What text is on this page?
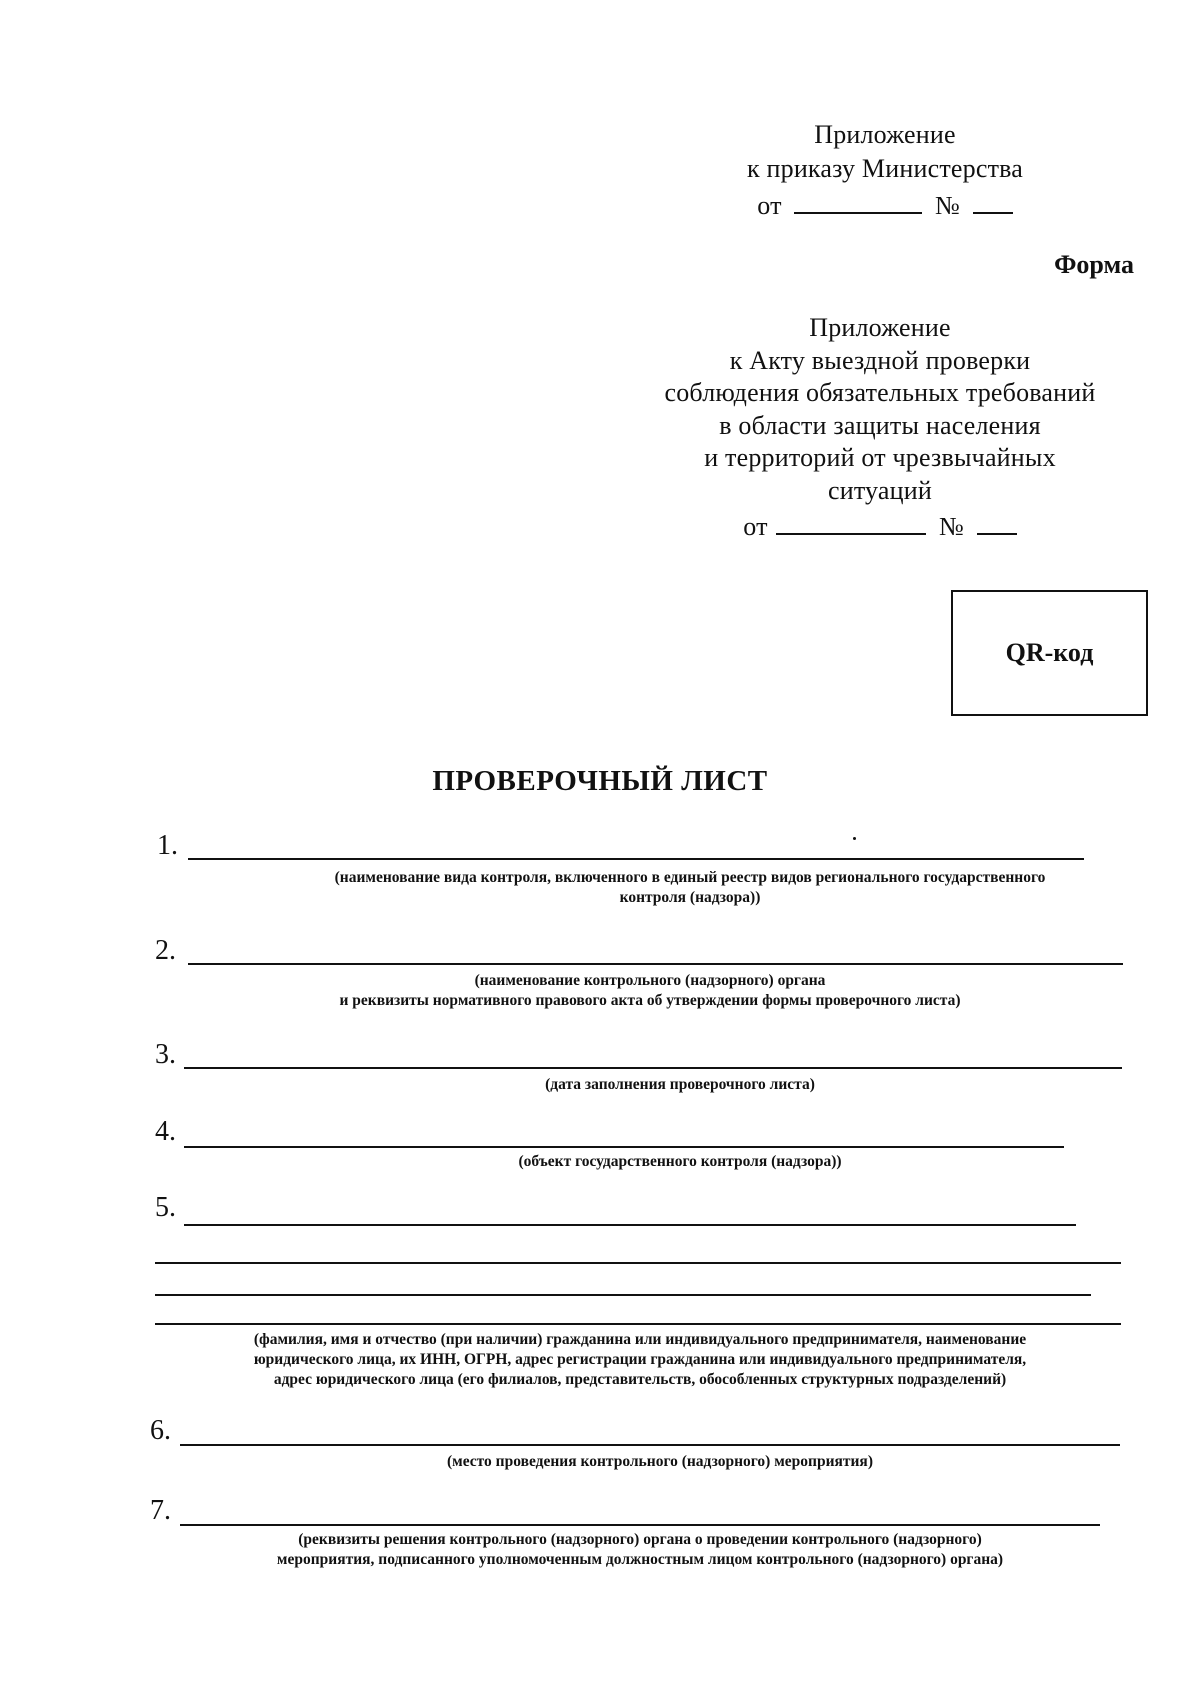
Приложение
к приказу Министерства
от	№
Форма
Приложение
к Акту выездной проверки
соблюдения обязательных требований
в области защиты населения
и территорий от чрезвычайных
ситуаций
от	№
QR-код
ПРОВЕРОЧНЫЙ ЛИСТ
1.
(наименование вида контроля, включенного в единый реестр видов регионального государственного
контроля (надзора))
2.
(наименование контрольного (надзорного) органа
и реквизиты нормативного правового акта об утверждении формы проверочного листа)
3.
(дата заполнения проверочного листа)
4.
(объект государственного контроля (надзора))
5.
(фамилия, имя и отчество (при наличии) гражданина или индивидуального предпринимателя, наименование
юридического лица, их ИНН, ОГРН, адрес регистрации гражданина или индивидуального предпринимателя,
адрес юридического лица (его филиалов, представительств, обособленных структурных подразделений)
6.
(место проведения контрольного (надзорного) мероприятия)
7.
(реквизиты решения контрольного (надзорного) органа о проведении контрольного (надзорного)
мероприятия, подписанного уполномоченным должностным лицом контрольного (надзорного) органа)
